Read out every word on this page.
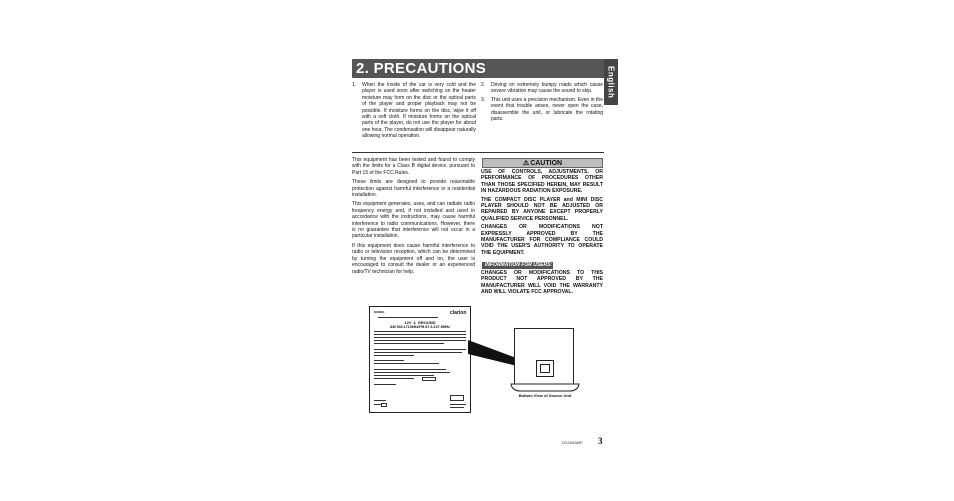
2. PRECAUTIONS	English
1. When the inside of the car is very cold and the player is used soon after switching on the heater moisture may form on the disc or the optical parts of the player and proper playback may not be possible. If moisture forms on the disc, wipe it off with a soft cloth. If moisture forms on the optical parts of the player, do not use the player for about one hour. The condensation will disappear naturally allowing normal operation.
2. Driving on extremely bumpy roads which cause severe vibration may cause the sound to skip.
3. This unit uses a precision mechanism. Even in the event that trouble arises, never open the case, disassemble the unit, or lubricate the rotating parts.

This equipment has been tested and found to comply with the limits for a Class B digital device, pursuant to Part 15 of the FCC Rules.

These limits are designed to provide reasonable protection against harmful interference in a residential installation.

This equipment generates, uses, and can radiate radio frequency energy and, if not installed and used in accordance with the instructions, may cause harmful interference to radio communications. However, there is no guarantee that interference will not occur in a particular installation.

If this equipment does cause harmful interference to radio or television reception, which can be determined by turning the equipment off and on, the user is encouraged to consult the dealer or an experienced radio/TV technician for help.

⚠ CAUTION

USE OF CONTROLS, ADJUSTMENTS, OR PERFORMANCE OF PROCEDURES OTHER THAN THOSE SPECIFIED HEREIN, MAY RESULT IN HAZARDOUS RADIATION EXPOSURE.

THE COMPACT DISC PLAYER and MINI DISC PLAYER SHOULD NOT BE ADJUSTED OR REPAIRED BY ANYONE EXCEPT PROPERLY QUALIFIED SERVICE PERSONNEL.

CHANGES OR MODIFICATIONS NOT EXPRESSLY APPROVED BY THE MANUFACTURER FOR COMPLIANCE COULD VOID THE USER'S AUTHORITY TO OPERATE THE EQUIPMENT.

INFORMATION FOR USERS:

CHANGES OR MODIFICATIONS TO THIS PRODUCT NOT APPROVED BY THE MANUFACTURER WILL VOID THE WARRANTY AND WILL VIOLATE FCC APPROVAL.

MODEL	clarion
12V ⏚ GROUND
AM 530-1710kHz/FM 87.9-107.9MHz
Bottom View of Source Unit
DXZ645MP 3
